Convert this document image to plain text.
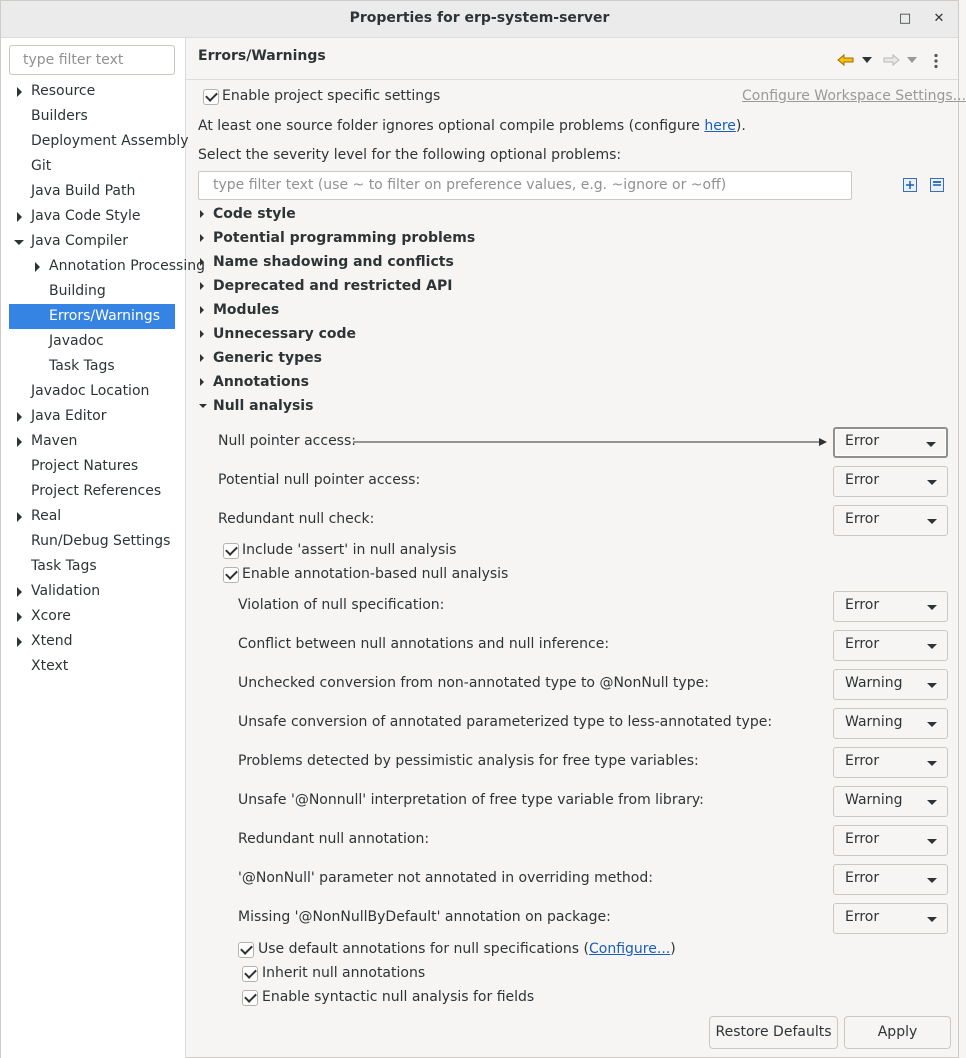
Properties for erp-system-server	□	✕
type filter text
Resource
Builders
Deployment Assembly
Git
Java Build Path
Java Code Style
Java Compiler
Annotation Processing
Building
Errors/Warnings
Javadoc
Task Tags
Javadoc Location
Java Editor
Maven
Project Natures
Project References
Real
Run/Debug Settings
Task Tags
Validation
Xcore
Xtend
Xtext
Errors/Warnings
Enable project specific settings	Configure Workspace Settings...
At least one source folder ignores optional compile problems (configure here).
Select the severity level for the following optional problems:
type filter text (use ~ to filter on preference values, e.g. ~ignore or ~off)
Code style
Potential programming problems
Name shadowing and conflicts
Deprecated and restricted API
Modules
Unnecessary code
Generic types
Annotations
Null analysis
Null pointer access:	Error
Potential null pointer access:	Error
Redundant null check:	Error
Include 'assert' in null analysis
Enable annotation-based null analysis
Violation of null specification:	Error
Conflict between null annotations and null inference:	Error
Unchecked conversion from non-annotated type to @NonNull type:	Warning
Unsafe conversion of annotated parameterized type to less-annotated type:	Warning
Problems detected by pessimistic analysis for free type variables:	Error
Unsafe '@Nonnull' interpretation of free type variable from library:	Warning
Redundant null annotation:	Error
'@NonNull' parameter not annotated in overriding method:	Error
Missing '@NonNullByDefault' annotation on package:	Error
Use default annotations for null specifications (Configure...)
Inherit null annotations
Enable syntactic null analysis for fields
Restore Defaults	Apply
